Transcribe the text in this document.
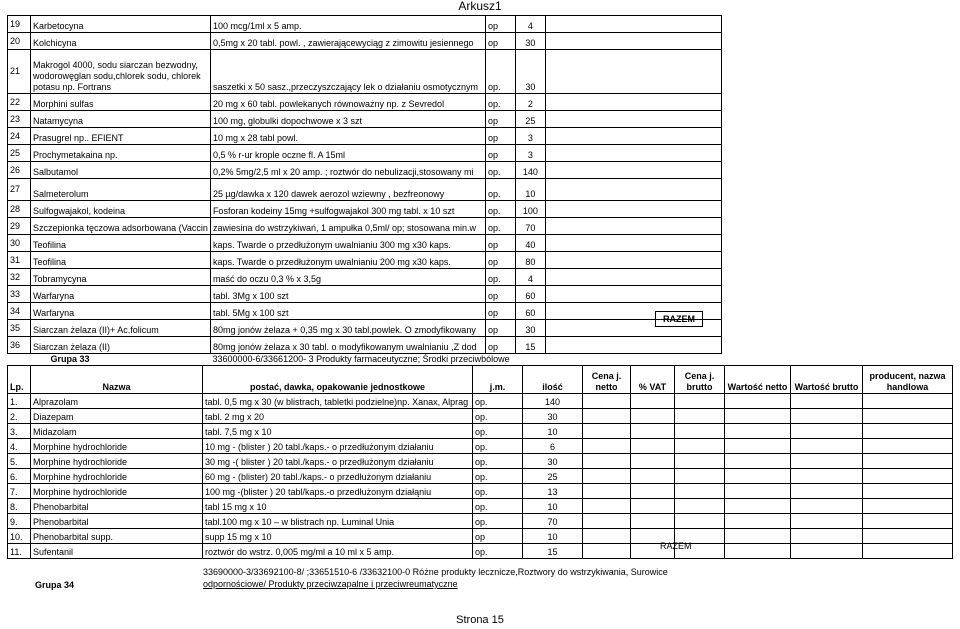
Arkusz1
19	Karbetocyna	100 mcg/1ml x 5 amp.	op	4	
20	Kolchicyna	0,5mg x 20 tabl. powl. , zawierającewyciąg z zimowitu jesiennego	op	30	
21	Makrogol 4000, sodu siarczan bezwodny, wodorowęglan sodu,chlorek sodu, chlorek potasu np. Fortrans	saszetki x 50 sasz.,przeczyszczający lek o działaniu osmotycznym	op.	30	
22	Morphini sulfas	20 mg x 60 tabl. powlekanych równoważny np. z Sevredol	op.	2	
23	Natamycyna	100 mg, globulki dopochwowe x 3 szt	op	25	
24	Prasugrel np.. EFIENT	10 mg x 28 tabl powl.	op	3	
25	Prochymetakaina np.	0,5 % r-ur krople oczne fl. A 15ml	op	3	
26	Salbutamol	0,2% 5mg/2,5 ml x 20 amp. ; roztwór do nebulizacji,stosowany mi	op.	140	
27	Salmeterolum	25 µg/dawka x 120 dawek aerozol wziewny , bezfreonowy	op.	10	
28	Sulfogwajakol, kodeina	Fosforan kodeiny 15mg +sulfogwajakol 300 mg tabl. x 10 szt	op.	100	
29	Szczepionka tęczowa adsorbowana (Vaccin	zawiesina do wstrzykiwań, 1 ampułka 0,5ml/ op; stosowana min.w	op.	70	
30	Teofilina	kaps. Twarde o przedłużonym uwalnianiu 300 mg x30 kaps.	op	40	
31	Teofilina	kaps. Twarde o przedłużonym uwalnianiu 200 mg x30 kaps.	op	80	
32	Tobramycyna	maść do oczu 0,3 % x 3,5g	op.	4	
33	Warfaryna	tabl. 3Mg x 100 szt	op	60	
34	Warfaryna	tabl. 5Mg x 100 szt	op	60	
35	Siarczan żelaza (II)+ Ac.folicum	80mg jonów żelaza + 0,35 mg x 30 tabl.powlek. O zmodyfikowany	op	30	
36	Siarczan żelaza (II)	80mg jonów żelaza x 30 tabl. o modyfikowanym uwalnianiu ,Z dod	op	15	
RAZEM
	Grupa 33	33600000-6/33661200- 3 Produkty farmaceutyczne; Środki przeciwbólowe								
Lp.	Nazwa	postać, dawka, opakowanie jednostkowe	j.m.	ilość	Cena j. netto	% VAT	Cena j. brutto	Wartość netto	Wartość brutto	producent, nazwa handlowa
1.	Alprazolam	tabl. 0,5 mg x 30 (w blistrach, tabletki podzielne)np. Xanax, Alprag	op.	140						
2.	Diazepam	tabl. 2 mg x 20	op.	30						
3.	Midazolam	tabl. 7,5 mg x 10	op.	10						
4.	Morphine hydrochloride	10 mg - (blister ) 20 tabl./kaps.- o przedłużonym działaniu	op.	6						
5.	Morphine hydrochloride	30 mg -( blister ) 20 tabl./kaps.- o przedłużonym działaniu	op.	30						
6.	Morphine hydrochloride	60 mg - (blister) 20 tabl./kaps.- o przedłużonym działaniu	op.	25						
7.	Morphine hydrochloride	100 mg -(blister ) 20 tabl/kaps.-o przedłużonym działąniu	op.	13						
8.	Phenobarbital	tabl 15 mg x 10	op.	10						
9.	Phenobarbital	tabl.100 mg x 10 – w blistrach np. Luminal Unia	op.	70						
10.	Phenobarbital supp.	supp 15 mg x 10	op	10						
11.	Sufentanil	roztwór do wstrz. 0,005 mg/ml a 10 ml x 5 amp.	op.	15						
RAZEM
Grupa 34
33690000-3/33692100-8/ ;33651510-6 /33632100-0 Różne produkty lecznicze,Roztwory do wstrzykiwania, Surowice
odpornościowe/ Produkty przeciwzapalne i przeciwreumatyczne
Strona 15
